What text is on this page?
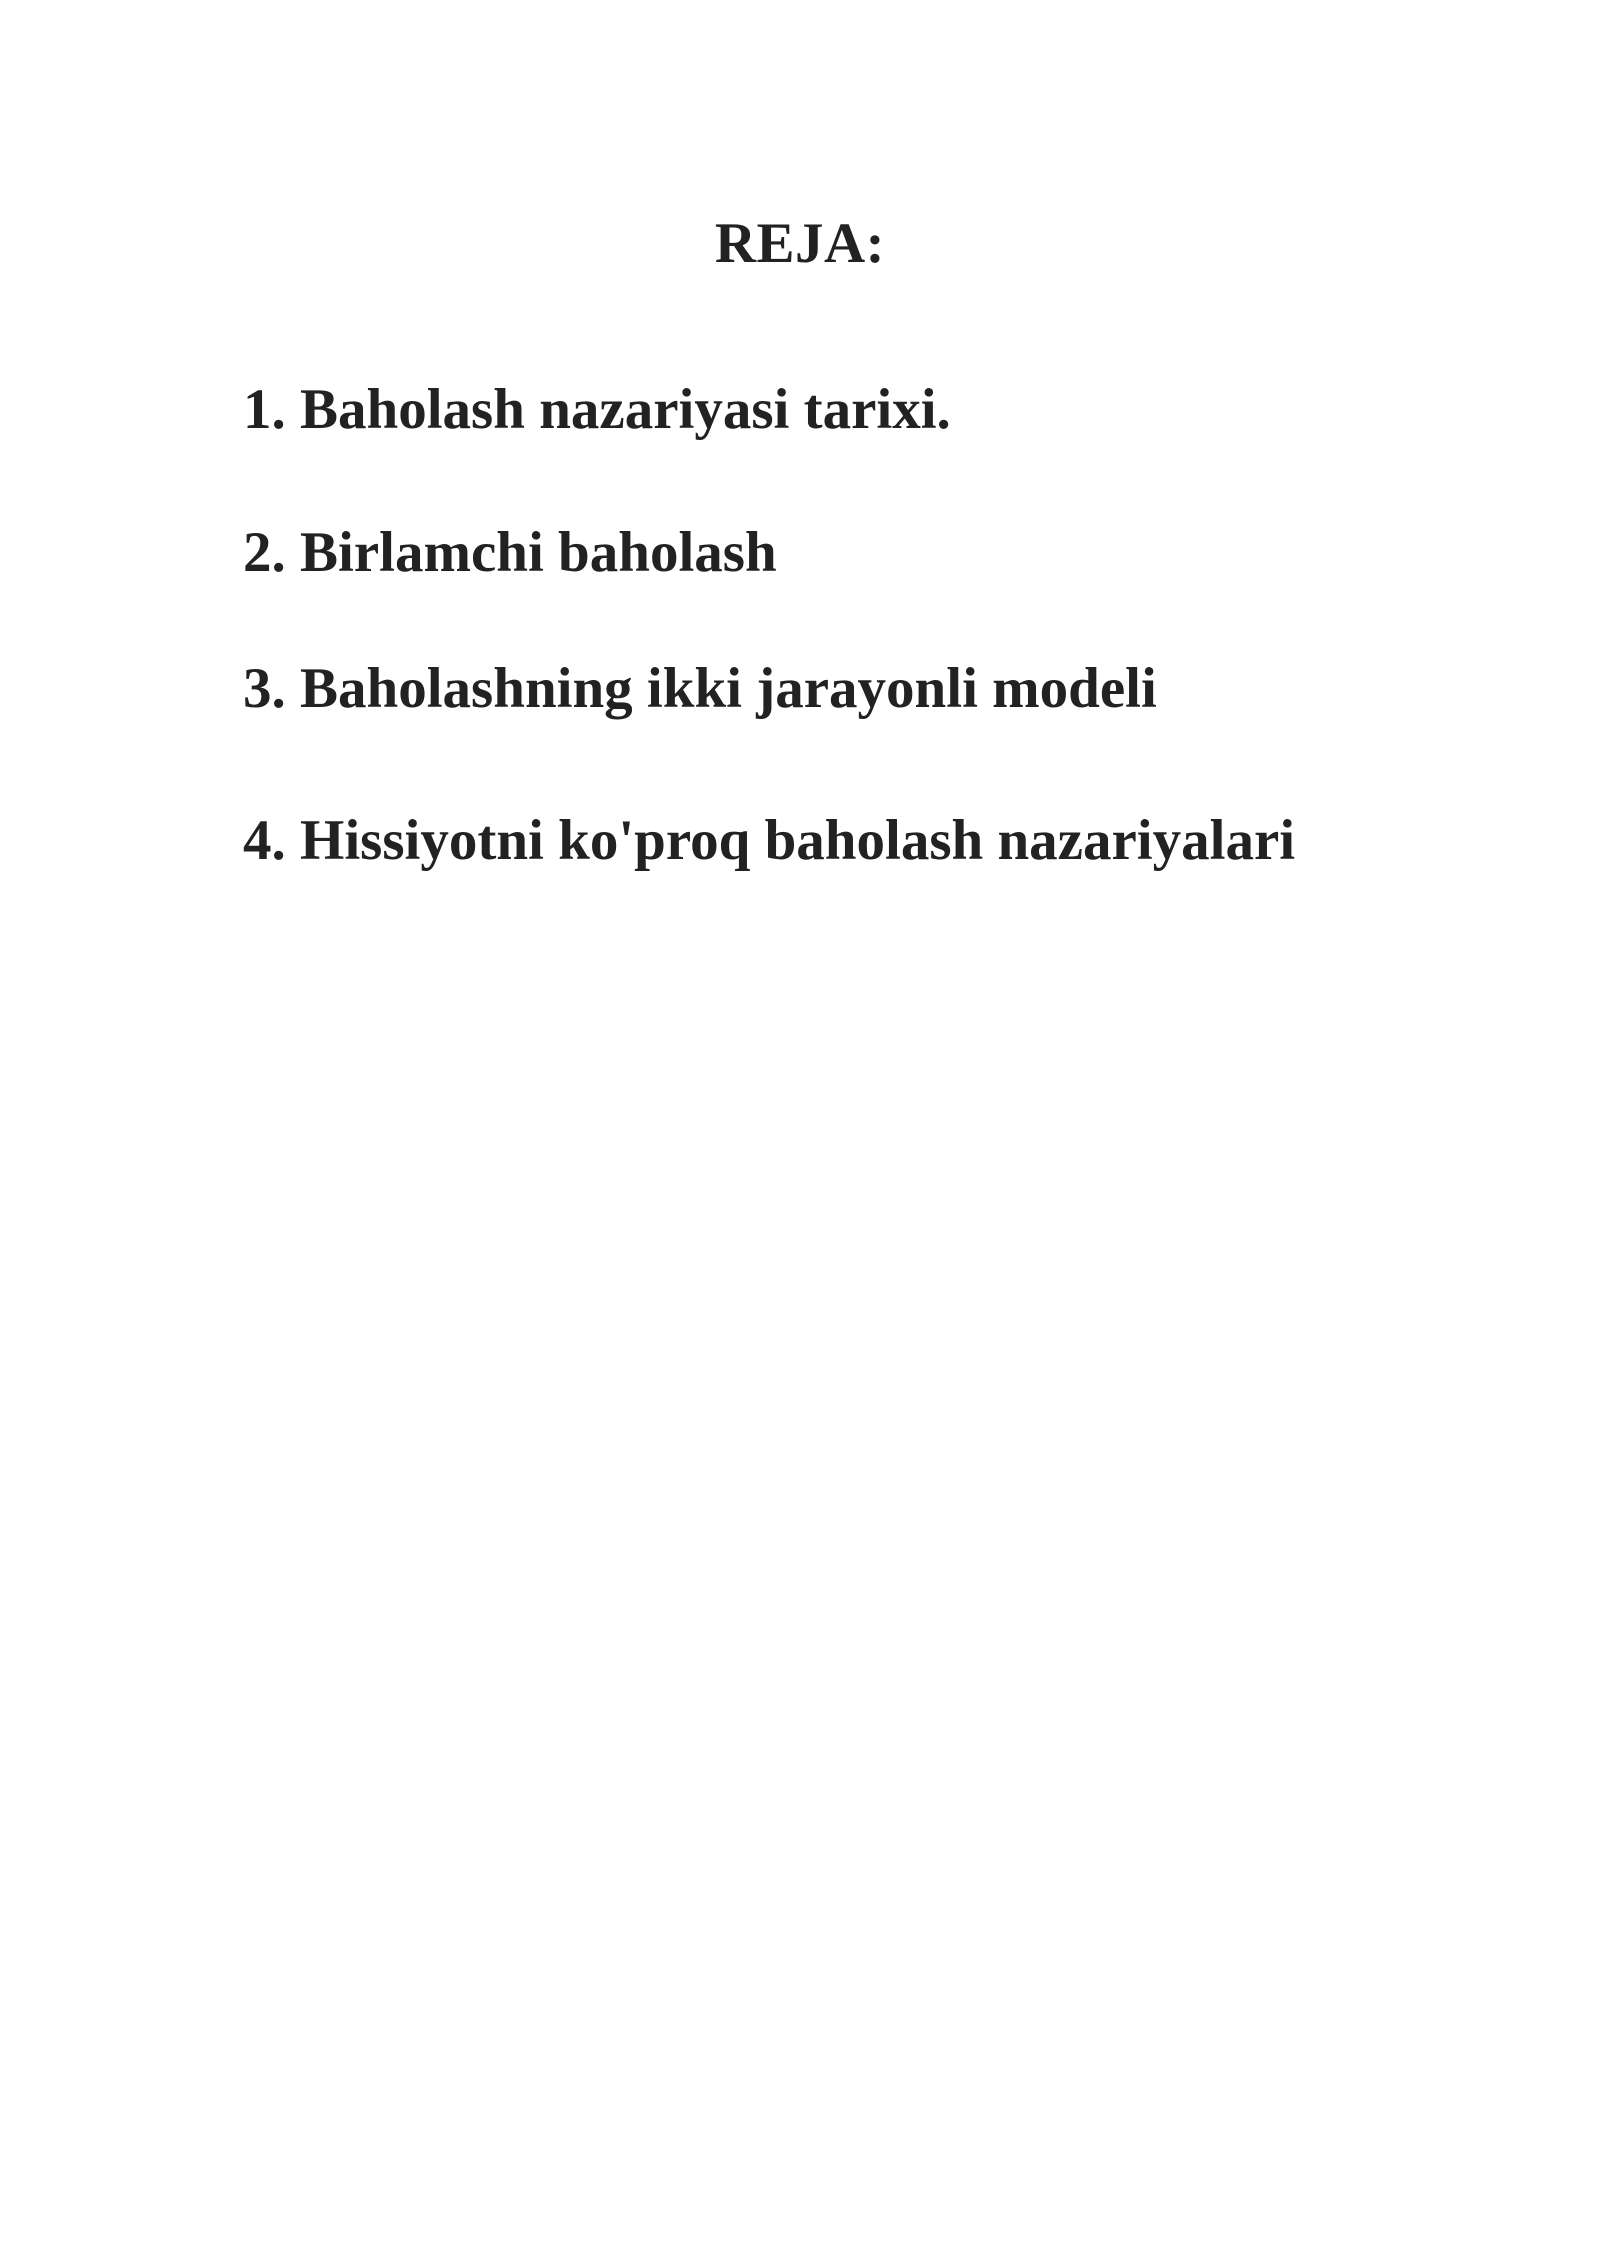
REJA:
1. Baholash nazariyasi tarixi.
2. Birlamchi baholash
3. Baholashning ikki jarayonli modeli
4. Hissiyotni ko'proq baholash nazariyalari
